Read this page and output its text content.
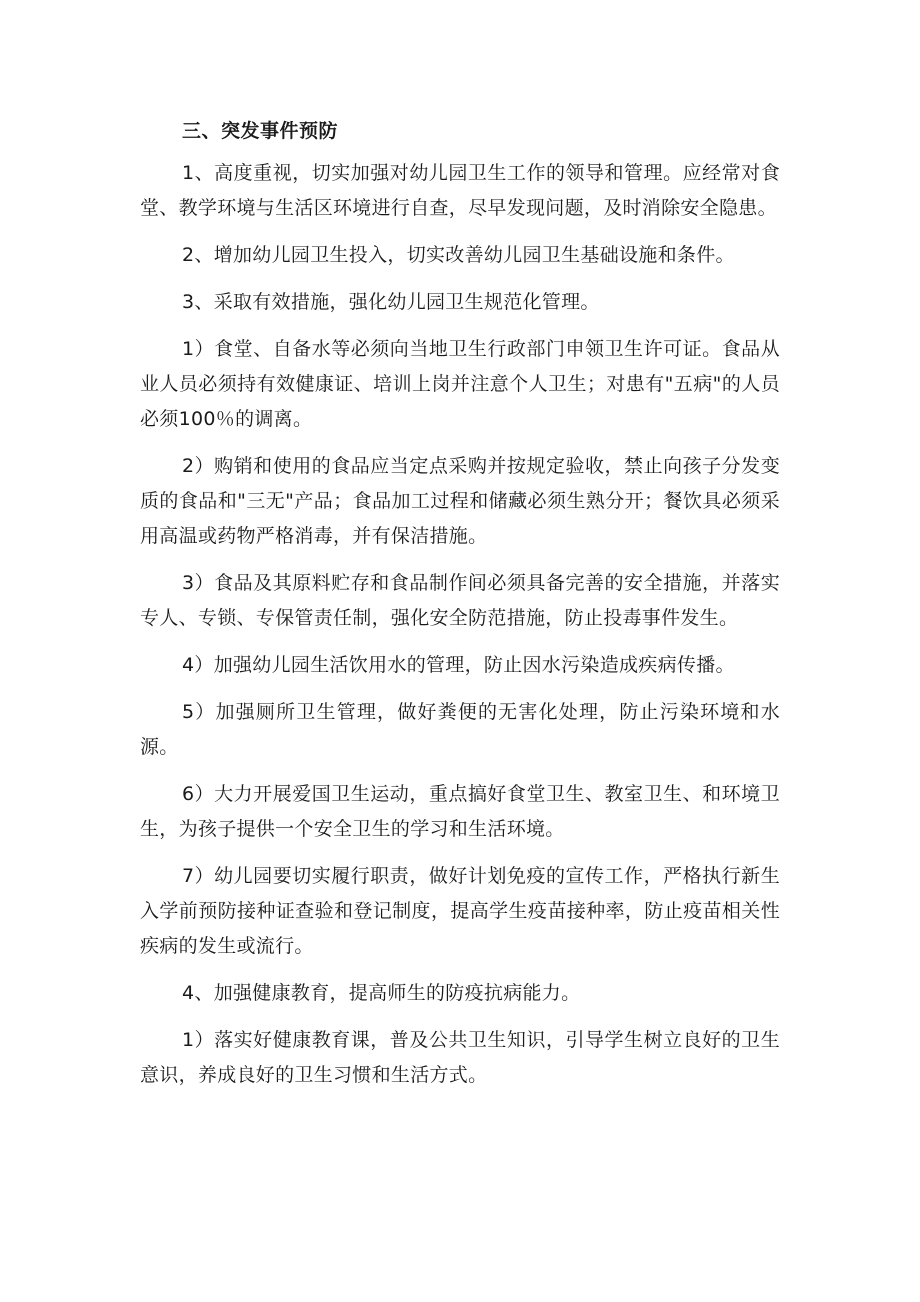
三、突发事件预防

1、高度重视，切实加强对幼儿园卫生工作的领导和管理。应经常对食堂、教学环境与生活区环境进行自查，尽早发现问题，及时消除安全隐患。

2、增加幼儿园卫生投入，切实改善幼儿园卫生基础设施和条件。

3、采取有效措施，强化幼儿园卫生规范化管理。

1）食堂、自备水等必须向当地卫生行政部门申领卫生许可证。食品从业人员必须持有效健康证、培训上岗并注意个人卫生；对患有"五病"的人员必须100％的调离。

2）购销和使用的食品应当定点采购并按规定验收，禁止向孩子分发变质的食品和"三无"产品；食品加工过程和储藏必须生熟分开；餐饮具必须采用高温或药物严格消毒，并有保洁措施。

3）食品及其原料贮存和食品制作间必须具备完善的安全措施，并落实专人、专锁、专保管责任制，强化安全防范措施，防止投毒事件发生。

4）加强幼儿园生活饮用水的管理，防止因水污染造成疾病传播。

5）加强厕所卫生管理，做好粪便的无害化处理，防止污染环境和水源。

6）大力开展爱国卫生运动，重点搞好食堂卫生、教室卫生、和环境卫生，为孩子提供一个安全卫生的学习和生活环境。

7）幼儿园要切实履行职责，做好计划免疫的宣传工作，严格执行新生入学前预防接种证查验和登记制度，提高学生疫苗接种率，防止疫苗相关性疾病的发生或流行。

4、加强健康教育，提高师生的防疫抗病能力。

1）落实好健康教育课，普及公共卫生知识，引导学生树立良好的卫生意识，养成良好的卫生习惯和生活方式。
